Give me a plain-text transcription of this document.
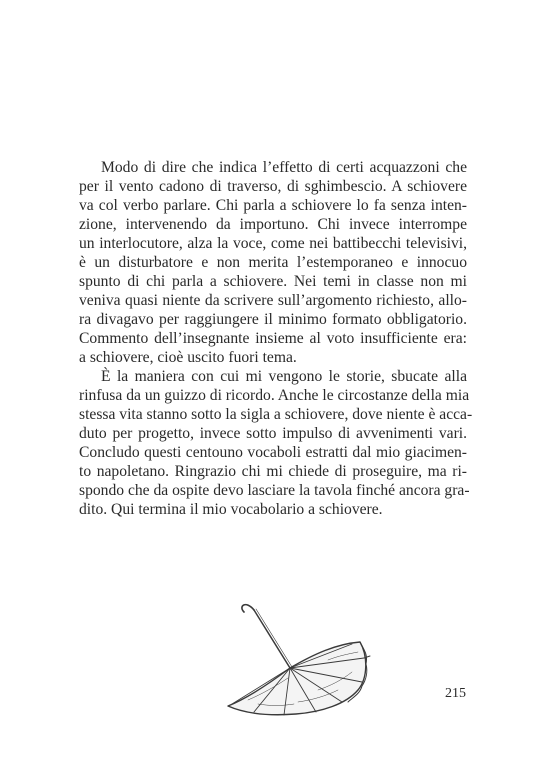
Modo di dire che indica l’effetto di certi acquazzoni che
per il vento cadono di traverso, di sghimbescio. A schiovere
va col verbo parlare. Chi parla a schiovere lo fa senza inten-
zione, intervenendo da importuno. Chi invece interrompe
un interlocutore, alza la voce, come nei battibecchi televisivi,
è un disturbatore e non merita l’estemporaneo e innocuo
spunto di chi parla a schiovere. Nei temi in classe non mi
veniva quasi niente da scrivere sull’argomento richiesto, allo-
ra divagavo per raggiungere il minimo formato obbligatorio.
Commento dell’insegnante insieme al voto insufficiente era:
a schiovere, cioè uscito fuori tema.
È la maniera con cui mi vengono le storie, sbucate alla
rinfusa da un guizzo di ricordo. Anche le circostanze della mia
stessa vita stanno sotto la sigla a schiovere, dove niente è acca-
duto per progetto, invece sotto impulso di avvenimenti vari.
Concludo questi centouno vocaboli estratti dal mio giacimen-
to napoletano. Ringrazio chi mi chiede di proseguire, ma ri-
spondo che da ospite devo lasciare la tavola finché ancora gra-
dito. Qui termina il mio vocabolario a schiovere.
215
